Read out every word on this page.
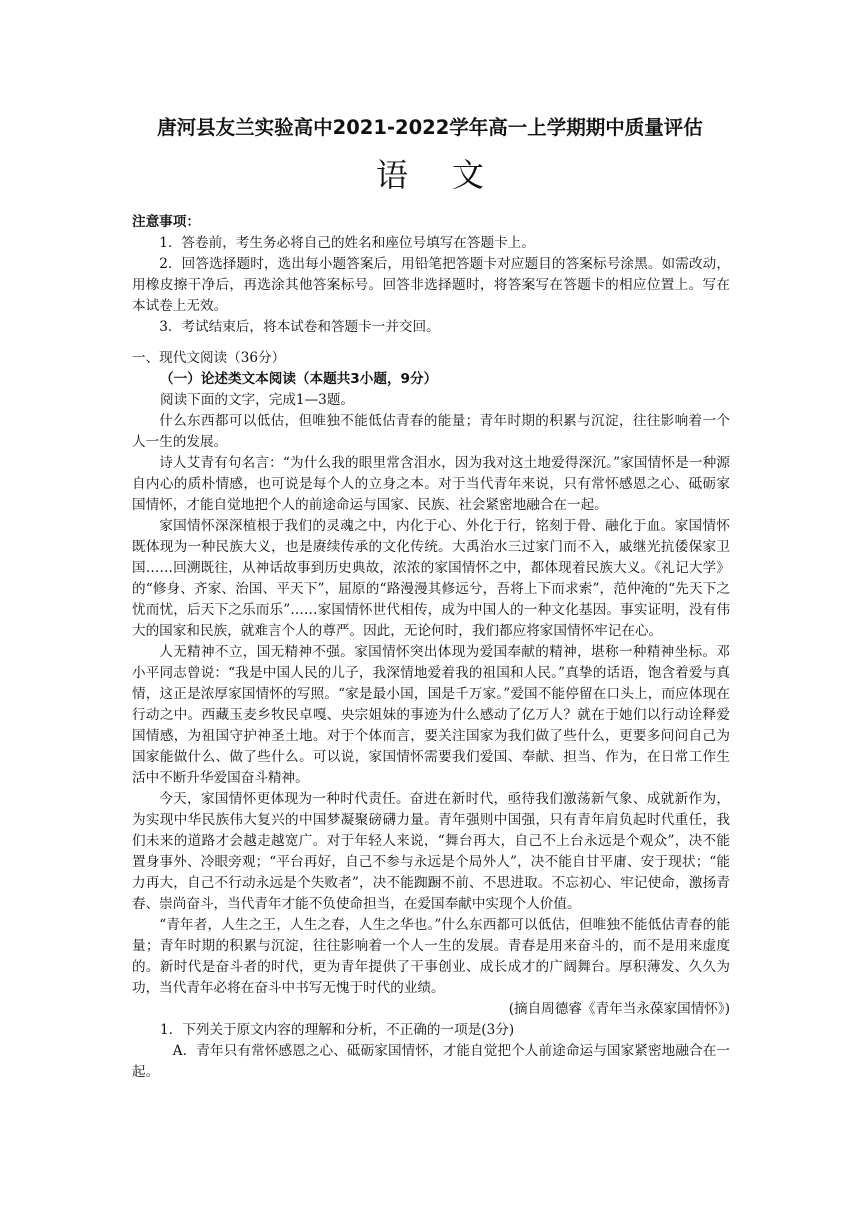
唐河县友兰实验高中2021-2022学年高一上学期期中质量评估
语文
注意事项：

1．答卷前，考生务必将自己的姓名和座位号填写在答题卡上。

2．回答选择题时，选出每小题答案后，用铅笔把答题卡对应题目的答案标号涂黑。如需改动，用橡皮擦干净后，再选涂其他答案标号。回答非选择题时，将答案写在答题卡的相应位置上。写在本试卷上无效。

3．考试结束后，将本试卷和答题卡一并交回。

一、现代文阅读（36分）
（一）论述类文本阅读（本题共3小题，9分）
阅读下面的文字，完成1—3题。

什么东西都可以低估，但唯独不能低估青春的能量；青年时期的积累与沉淀，往往影响着一个人一生的发展。

诗人艾青有句名言：“为什么我的眼里常含泪水，因为我对这土地爱得深沉。”家国情怀是一种源自内心的质朴情感，也可说是每个人的立身之本。对于当代青年来说，只有常怀感恩之心、砥砺家国情怀，才能自觉地把个人的前途命运与国家、民族、社会紧密地融合在一起。

家国情怀深深植根于我们的灵魂之中，内化于心、外化于行，铭刻于骨、融化于血。家国情怀既体现为一种民族大义，也是赓续传承的文化传统。大禹治水三过家门而不入，戚继光抗倭保家卫国……回溯既往，从神话故事到历史典故，浓浓的家国情怀之中，都体现着民族大义。《礼记大学》的“修身、齐家、治国、平天下”，屈原的“路漫漫其修远兮，吾将上下而求索”，范仲淹的“先天下之忧而忧，后天下之乐而乐”……家国情怀世代相传，成为中国人的一种文化基因。事实证明，没有伟大的国家和民族，就难言个人的尊严。因此，无论何时，我们都应将家国情怀牢记在心。

人无精神不立，国无精神不强。家国情怀突出体现为爱国奉献的精神，堪称一种精神坐标。邓小平同志曾说：“我是中国人民的儿子，我深情地爱着我的祖国和人民。”真挚的话语，饱含着爱与真情，这正是浓厚家国情怀的写照。“家是最小国，国是千万家。”爱国不能停留在口头上，而应体现在行动之中。西藏玉麦乡牧民卓嘎、央宗姐妹的事迹为什么感动了亿万人？就在于她们以行动诠释爱国情感，为祖国守护神圣土地。对于个体而言，要关注国家为我们做了些什么，更要多问问自己为国家能做什么、做了些什么。可以说，家国情怀需要我们爱国、奉献、担当、作为，在日常工作生活中不断升华爱国奋斗精神。

今天，家国情怀更体现为一种时代责任。奋进在新时代，亟待我们激荡新气象、成就新作为，为实现中华民族伟大复兴的中国梦凝聚磅礴力量。青年强则中国强，只有青年肩负起时代重任，我们未来的道路才会越走越宽广。对于年轻人来说，“舞台再大，自己不上台永远是个观众”，决不能置身事外、冷眼旁观；“平台再好，自己不参与永远是个局外人”，决不能自甘平庸、安于现状；“能力再大，自己不行动永远是个失败者”，决不能踟蹰不前、不思进取。不忘初心、牢记使命，激扬青春、崇尚奋斗，当代青年才能不负使命担当，在爱国奉献中实现个人价值。

“青年者，人生之王，人生之春，人生之华也。”什么东西都可以低估，但唯独不能低估青春的能量；青年时期的积累与沉淀，往往影响着一个人一生的发展。青春是用来奋斗的，而不是用来虚度的。新时代是奋斗者的时代，更为青年提供了干事创业、成长成才的广阔舞台。厚积薄发、久久为功，当代青年必将在奋斗中书写无愧于时代的业绩。

(摘自周德睿《青年当永葆家国情怀》)
1．下列关于原文内容的理解和分析，不正确的一项是(3分)

A．青年只有常怀感恩之心、砥砺家国情怀，才能自觉把个人前途命运与国家紧密地融合在一起。
